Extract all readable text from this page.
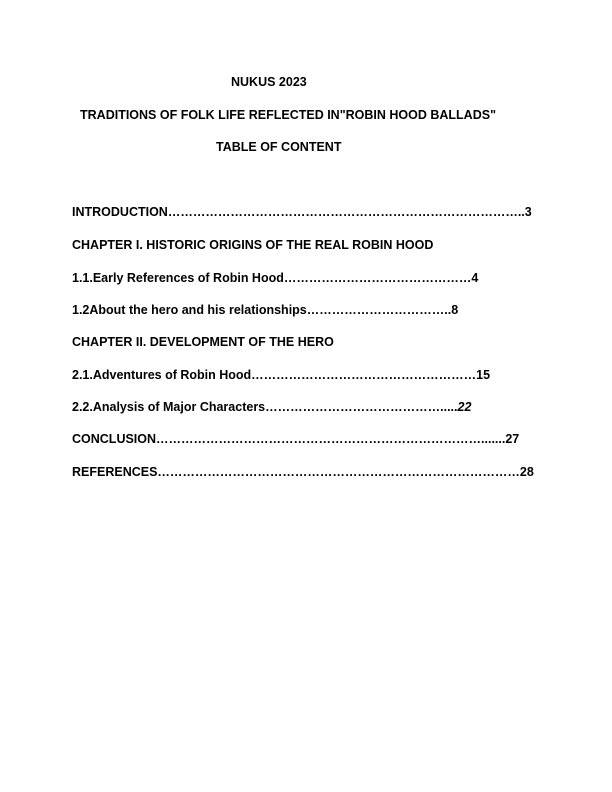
NUKUS 2023
TRADITIONS OF FOLK LIFE REFLECTED IN"ROBIN HOOD BALLADS"
TABLE OF CONTENT
INTRODUCTION…………………………………………………………………………..3
CHAPTER I. HISTORIC ORIGINS OF THE REAL ROBIN HOOD
1.1.Early References of Robin Hood………………………………………4
1.2About the hero and his relationships……………………………..8
CHAPTER II. DEVELOPMENT OF THE HERO
2.1.Adventures of Robin Hood………………………………………………15
2.2.Analysis of Major Characters…………………………………….....22
CONCLUSION…………………………………………………………………….......27
REFERENCES……………………………………………………………………………28
